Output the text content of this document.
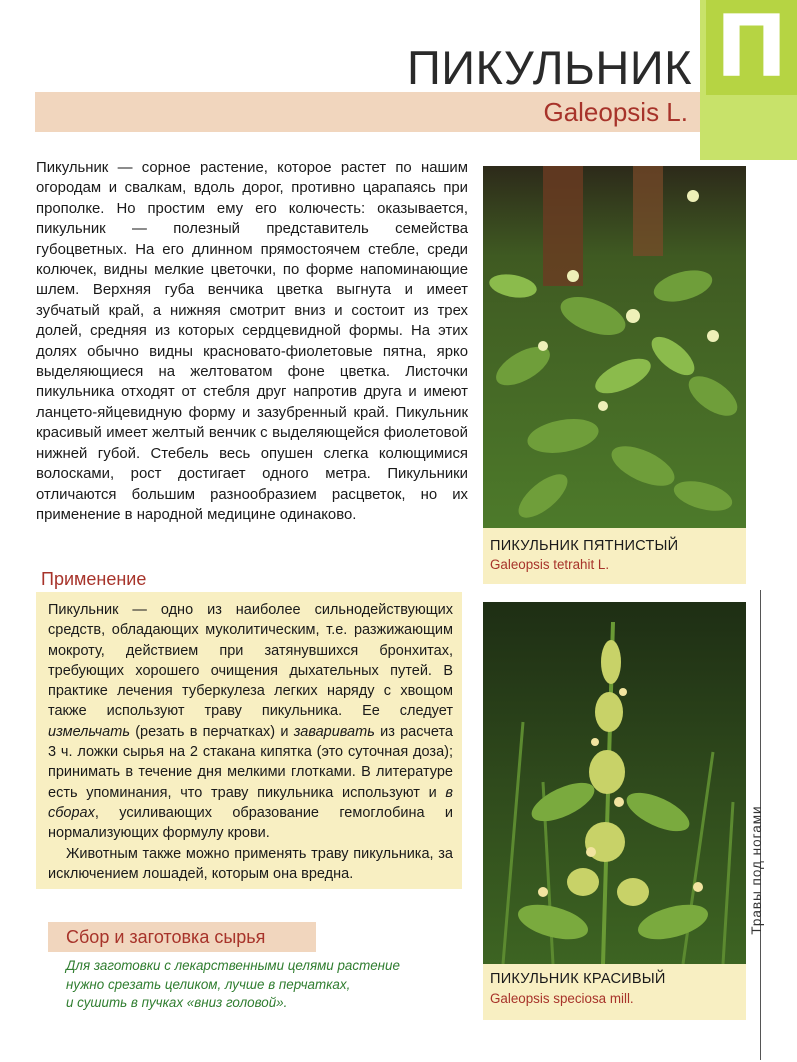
П
ПИКУЛЬНИК
Galeopsis L.

Пикульник — сорное растение, которое растет по нашим огородам и свалкам, вдоль дорог, противно царапаясь при прополке. Но простим ему его колючесть: оказывается, пикульник — полезный представитель семейства губоцветных. На его длинном прямостоячем стебле, среди колючек, видны мелкие цветочки, по форме напоминающие шлем. Верхняя губа венчика цветка выгнута и имеет зубчатый край, а нижняя смотрит вниз и состоит из трех долей, средняя из которых сердцевидной формы. На этих долях обычно видны красновато-фиолетовые пятна, ярко выделяющиеся на желтоватом фоне цветка. Листочки пикульника отходят от стебля друг напротив друга и имеют ланцето-яйцевидную форму и зазубренный край. Пикульник красивый имеет желтый венчик с выделяющейся фиолетовой нижней губой. Стебель весь опушен слегка колющимися волосками, рост достигает одного метра. Пикульники отличаются большим разнообразием расцветок, но их применение в народной медицине одинаково.

Применение

Пикульник — одно из наиболее сильнодействующих средств, обладающих муколитическим, т.е. разжижающим мокроту, действием при затянувшихся бронхитах, требующих хорошего очищения дыхательных путей. В практике лечения туберкулеза легких наряду с хвощом также используют траву пикульника. Ее следует измельчать (резать в перчатках) и заваривать из расчета 3 ч. ложки сырья на 2 стакана кипятка (это суточная доза); принимать в течение дня мелкими глотками. В литературе есть упоминания, что траву пикульника используют и в сборах, усиливающих образование гемоглобина и нормализующих формулу крови.

Животным также можно применять траву пикульника, за исключением лошадей, которым она вредна.

Сбор и заготовка сырья

Для заготовки с лекарственными целями растение

нужно срезать целиком, лучше в перчатках,

и сушить в пучках «вниз головой».

ПИКУЛЬНИК ПЯТНИСТЫЙ
Galeopsis tetrahit L.
ПИКУЛЬНИК КРАСИВЫЙ
Galeopsis speciosa mill.
Травы под ногами
